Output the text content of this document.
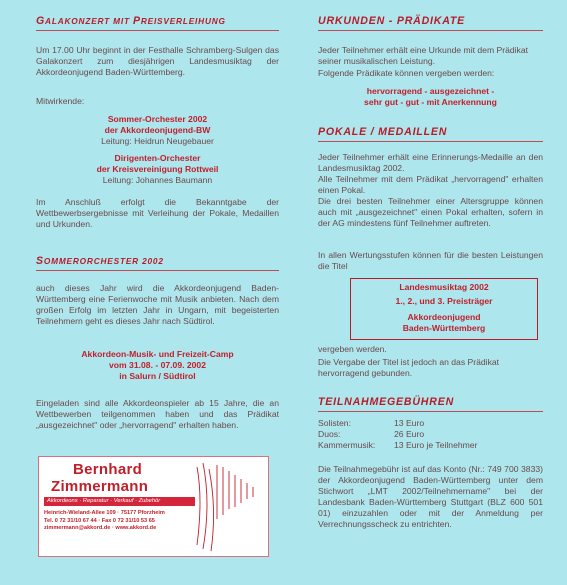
GALAKONZERT MIT PREISVERLEIHUNG

Um 17.00 Uhr beginnt in der Festhalle Schramberg-Sulgen das Galakonzert zum diesjährigen Landesmusiktag der Akkordeonjugend Baden-Württemberg.

Mitwirkende:

Sommer-Orchester 2002
der Akkordeonjugend-BW
Leitung: Heidrun Neugebauer
Dirigenten-Orchester
der Kreisvereinigung Rottweil
Leitung: Johannes Baumann

Im Anschluß erfolgt die Bekanntgabe der Wettbewerbsergebnisse mit Verleihung der Pokale, Medaillen und Urkunden.

SOMMERORCHESTER 2002

auch dieses Jahr wird die Akkordeonjugend Baden-Württemberg eine Ferienwoche mit Musik anbieten. Nach dem großen Erfolg im letzten Jahr in Ungarn, mit begeisterten Teilnehmern geht es dieses Jahr nach Südtirol.

Akkordeon-Musik- und Freizeit-Camp
vom 31.08. - 07.09. 2002
in Salurn / Südtirol

Eingeladen sind alle Akkordeonspieler ab 15 Jahre, die an Wettbewerben teilgenommen haben und das Prädikat „ausgezeichnet" oder „hervorragend" erhalten haben.

Bernhard
Zimmermann
Akkordeons · Reparatur · Verkauf · Zubehör
Heinrich-Wieland-Allee 109 · 75177 Pforzheim
Tel. 0 72 31/10 67 44 · Fax 0 72 31/10 53 65
zimmermann@akkord.de · www.akkord.de
URKUNDEN - PRÄDIKATE

Jeder Teilnehmer erhält eine Urkunde mit dem Prädikat seiner musikalischen Leistung.

Folgende Prädikate können vergeben werden:

hervorragend - ausgezeichnet -
sehr gut - gut - mit Anerkennung
POKALE / MEDAILLEN

Jeder Teilnehmer erhält eine Erinnerungs-Medaille an den Landesmusiktag 2002.

Alle Teilnehmer mit dem Prädikat „hervorragend" erhalten einen Pokal.

Die drei besten Teilnehmer einer Altersgruppe können auch mit „ausgezeichnet" einen Pokal erhalten, sofern in der AG mindestens fünf Teilnehmer auftreten.

In allen Wertungsstufen können für die besten Leistungen die Titel

Landesmusiktag 2002
1., 2., und 3. Preisträger
Akkordeonjugend
Baden-Württemberg

vergeben werden.

Die Vergabe der Titel ist jedoch an das Prädikat hervorragend gebunden.

TEILNAHMEGEBÜHREN
Solisten:	13 Euro
Duos:	26 Euro
Kammermusik:	13 Euro je Teilnehmer

Die Teilnahmegebühr ist auf das Konto (Nr.: 749 700 3833) der Akkordeonjugend Baden-Württemberg unter dem Stichwort „LMT 2002/Teilnehmername" bei der Landesbank Baden-Württemberg Stuttgart (BLZ 600 501 01) einzuzahlen oder mit der Anmeldung per Verrechnungsscheck zu entrichten.
